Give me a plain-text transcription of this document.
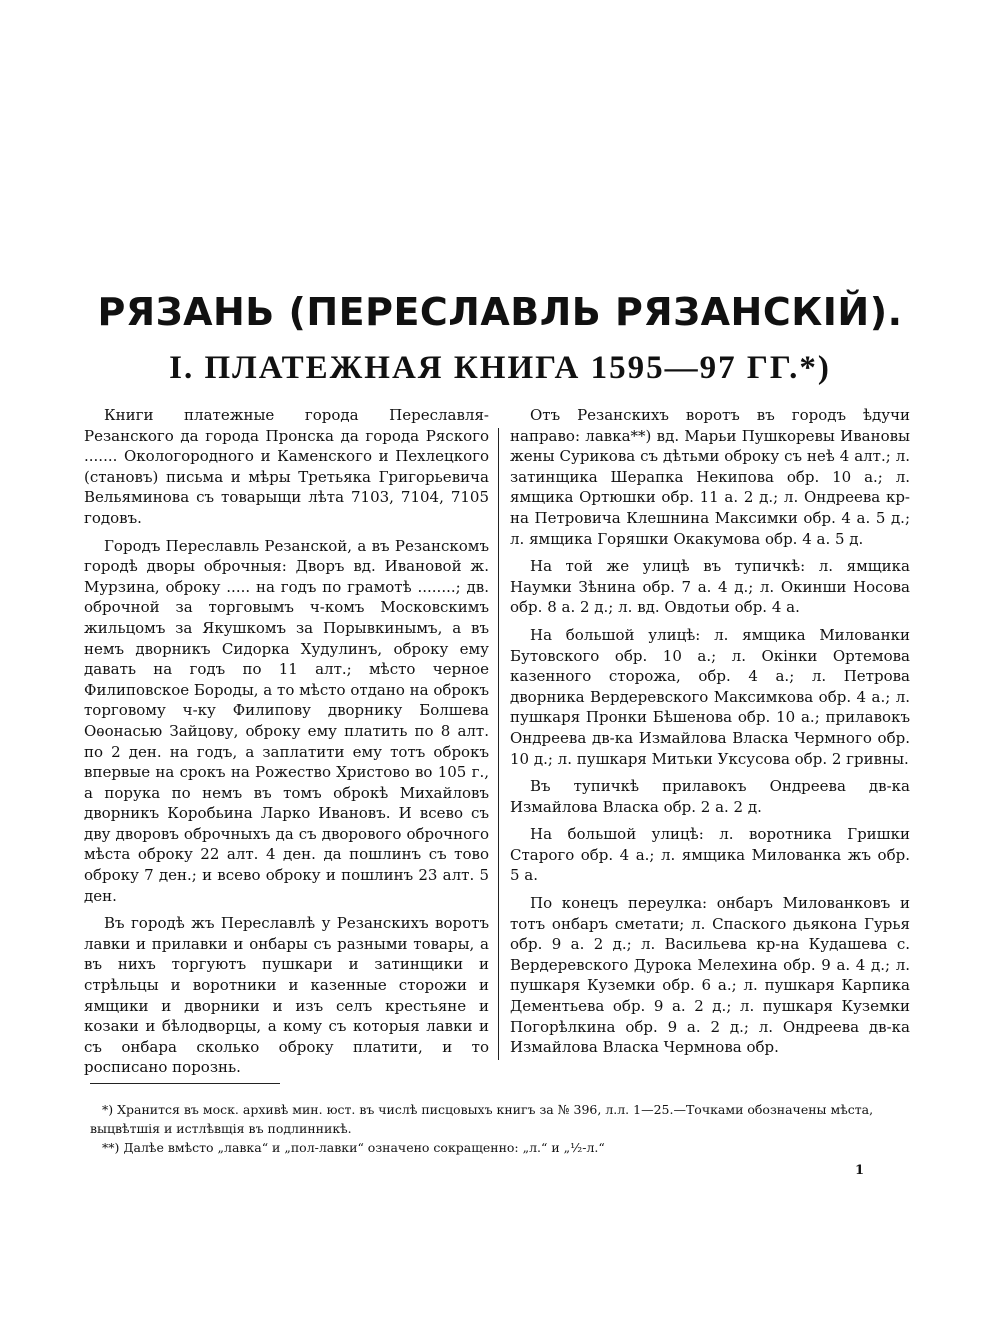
РЯЗАНЬ (ПЕРЕСЛАВЛЬ РЯЗАНСКІЙ).
I. ПЛАТЕЖНАЯ КНИГА 1595—97 ГГ.*)

Книги платежные города Переславля-Резанского да города Пронска да города Ряского ....... Окологородного и Каменского и Пехлецкого (становъ) письма и мѣры Третьяка Григорьевича Вельяминова съ товарыщи лѣта 7103, 7104, 7105 годовъ.

Городъ Переславль Резанской, а въ Резанскомъ городѣ дворы оброчныя: Дворъ вд. Ивановой ж. Мурзина, оброку ..... на годъ по грамотѣ ........; дв. оброчной за торговымъ ч-комъ Московскимъ жильцомъ за Якушкомъ за Порывкинымъ, а въ немъ дворникъ Сидорка Худулинъ, оброку ему давать на годъ по 11 алт.; мѣсто черное Филиповское Бороды, а то мѣсто отдано на оброкъ торговому ч-ку Филипову дворнику Болшева Оѳонасью Зайцову, оброку ему платить по 8 алт. по 2 ден. на годъ, а заплатити ему тотъ оброкъ впервые на срокъ на Рожество Христово во 105 г., а порука по немъ въ томъ оброкѣ Михайловъ дворникъ Коробьина Ларко Ивановъ. И всево съ дву дворовъ оброчныхъ да съ дворового оброчного мѣста оброку 22 алт. 4 ден. да пошлинъ съ тово оброку 7 ден.; и всево оброку и пошлинъ 23 алт. 5 ден.

Въ городѣ жъ Переславлѣ у Резанскихъ воротъ лавки и прилавки и онбары съ разными товары, а въ нихъ торгуютъ пушкари и затинщики и стрѣльцы и воротники и казенные сторожи и ямщики и дворники и изъ селъ крестьяне и козаки и бѣлодворцы, а кому съ которыя лавки и съ онбара сколько оброку платити, и то росписано порознь.

Отъ Резанскихъ воротъ въ городъ ѣдучи направо: лавка**) вд. Марьи Пушкоревы Ивановы жены Сурикова съ дѣтьми оброку съ неѣ 4 алт.; л. затинщика Шерапка Некипова обр. 10 а.; л. ямщика Ортюшки обр. 11 а. 2 д.; л. Ондреева кр-на Петровича Клешнина Максимки обр. 4 а. 5 д.; л. ямщика Горяшки Окакумова обр. 4 а. 5 д.

На той же улицѣ въ тупичкѣ: л. ямщика Наумки Зѣнина обр. 7 а. 4 д.; л. Окинши Носова обр. 8 а. 2 д.; л. вд. Овдотьи обр. 4 а.

На большой улицѣ: л. ямщика Милованки Бутовского обр. 10 а.; л. Окінки Ортемова казенного сторожа, обр. 4 а.; л. Петрова дворника Вердеревского Максимкова обр. 4 а.; л. пушкаря Пронки Бѣшенова обр. 10 а.; прилавокъ Ондреева дв-ка Измайлова Власка Чермного обр. 10 д.; л. пушкаря Митьки Уксусова обр. 2 гривны.

Въ тупичкѣ прилавокъ Ондреева дв-ка Измайлова Власка обр. 2 а. 2 д.

На большой улицѣ: л. воротника Гришки Старого обр. 4 а.; л. ямщика Милованка жъ обр. 5 а.

По конецъ переулка: онбаръ Милованковъ и тотъ онбаръ сметати; л. Спаского дьякона Гурья обр. 9 а. 2 д.; л. Васильева кр-на Кудашева с. Вердеревского Дурока Мелехина обр. 9 а. 4 д.; л. пушкаря Куземки обр. 6 а.; л. пушкаря Карпика Дементьева обр. 9 а. 2 д.; л. пушкаря Куземки Погорѣлкина обр. 9 а. 2 д.; л. Ондреева дв-ка Измайлова Власка Чермнова обр.

*) Хранится въ моск. архивѣ мин. юст. въ числѣ писцовыхъ книгъ за № 396, л.л. 1—25.—Точками обозначены мѣста, выцвѣтшія и истлѣвщія въ подлинникѣ.

**) Далѣе вмѣсто „лавка“ и „пол-лавки“ означено сокращенно: „л.“ и „½-л.“

1
